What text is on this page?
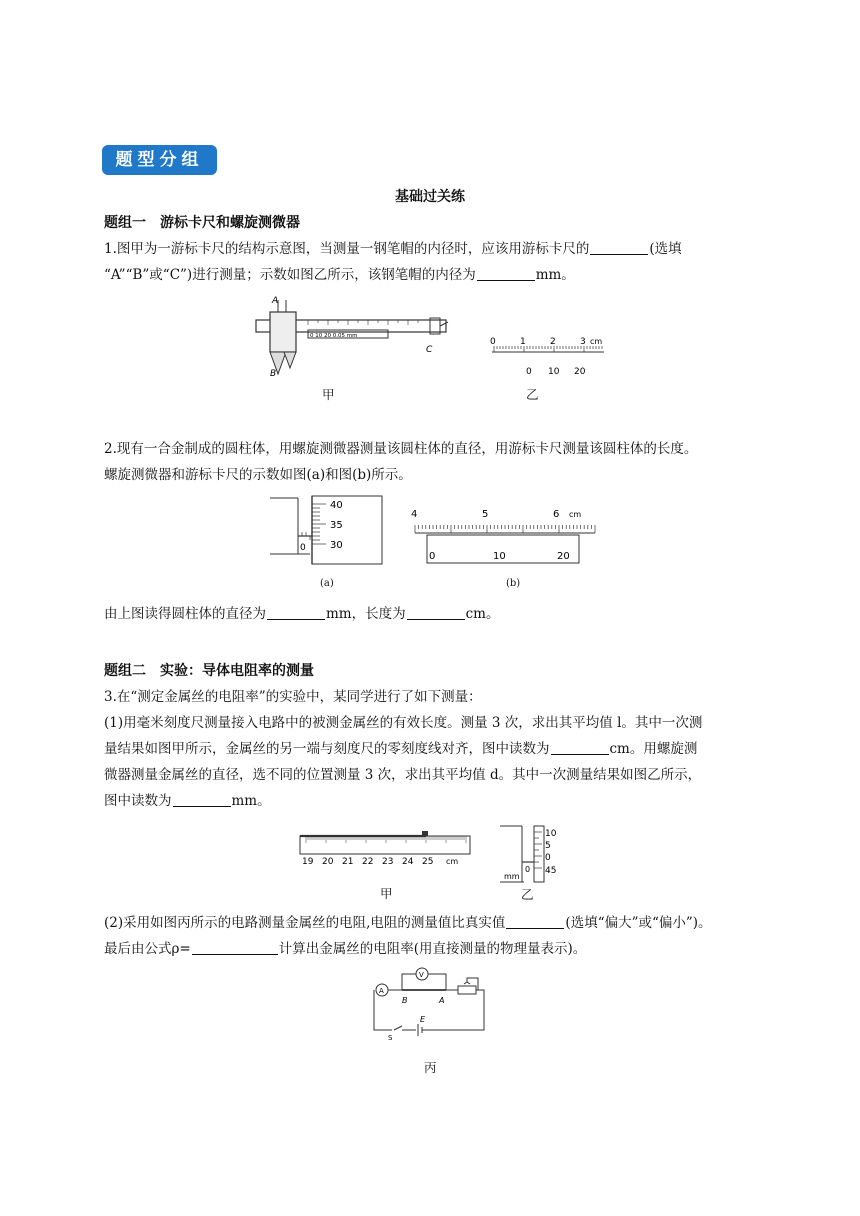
题型分组
基础过关练
题组一　游标卡尺和螺旋测微器
1.图甲为一游标卡尺的结构示意图，当测量一钢笔帽的内径时，应该用游标卡尺的	(选填
“A”“B”或“C”)进行测量；示数如图乙所示，该钢笔帽的内径为	mm。
A
B
C
0 10 20 0.05 mm
0	1	2	3 cm
0 10 20
甲	乙
2.现有一合金制成的圆柱体，用螺旋测微器测量该圆柱体的直径，用游标卡尺测量该圆柱体的长度。
螺旋测微器和游标卡尺的示数如图(a)和图(b)所示。
40
35
30
0
4	5	6 cm
0	10	20
(a)	(b)
由上图读得圆柱体的直径为	mm，长度为	cm。
题组二　实验：导体电阻率的测量
3.在“测定金属丝的电阻率”的实验中，某同学进行了如下测量：
(1)用毫米刻度尺测量接入电路中的被测金属丝的有效长度。测量 3 次，求出其平均值 l。其中一次测
量结果如图甲所示，金属丝的另一端与刻度尺的零刻度线对齐，图中读数为	cm。用螺旋测
微器测量金属丝的直径，选不同的位置测量 3 次，求出其平均值 d。其中一次测量结果如图乙所示，
图中读数为	mm。
19 20 21 22 23 24 25 cm
10
5
0
45
0
mm
甲	乙
(2)采用如图丙所示的电路测量金属丝的电阻,电阻的测量值比真实值	(选填“偏大”或“偏小”)。
最后由公式ρ=	计算出金属丝的电阻率(用直接测量的物理量表示)。
A
V
B	A
E
S
丙
